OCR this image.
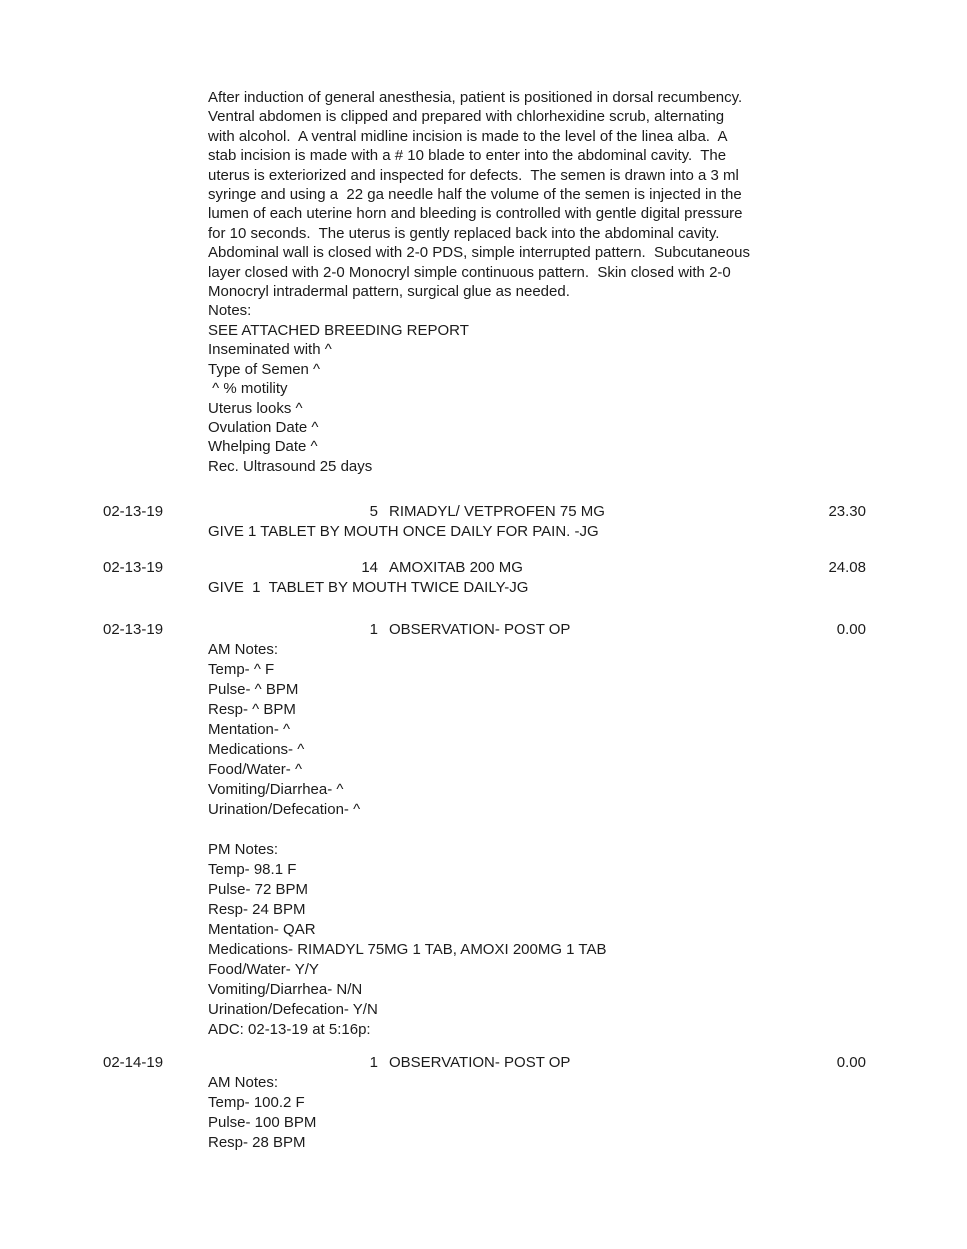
After induction of general anesthesia, patient is positioned in dorsal recumbency.
Ventral abdomen is clipped and prepared with chlorhexidine scrub, alternating
with alcohol.  A ventral midline incision is made to the level of the linea alba.  A
stab incision is made with a # 10 blade to enter into the abdominal cavity.  The
uterus is exteriorized and inspected for defects.  The semen is drawn into a 3 ml
syringe and using a  22 ga needle half the volume of the semen is injected in the
lumen of each uterine horn and bleeding is controlled with gentle digital pressure
for 10 seconds.  The uterus is gently replaced back into the abdominal cavity.
Abdominal wall is closed with 2-0 PDS, simple interrupted pattern.  Subcutaneous
layer closed with 2-0 Monocryl simple continuous pattern.  Skin closed with 2-0
Monocryl intradermal pattern, surgical glue as needed.
Notes:
SEE ATTACHED BREEDING REPORT
Inseminated with ^
Type of Semen ^
^ % motility
Uterus looks ^
Ovulation Date ^
Whelping Date ^
Rec. Ultrasound 25 days
02-13-19	5 RIMADYL/ VETPROFEN 75 MG	23.30
GIVE 1 TABLET BY MOUTH ONCE DAILY FOR PAIN. -JG
02-13-19	14 AMOXITAB 200 MG	24.08
GIVE  1  TABLET BY MOUTH TWICE DAILY-JG
02-13-19	1 OBSERVATION- POST OP	0.00
AM Notes:
Temp- ^ F
Pulse- ^ BPM
Resp- ^ BPM
Mentation- ^
Medications- ^
Food/Water- ^
Vomiting/Diarrhea- ^
Urination/Defecation- ^

PM Notes:
Temp- 98.1 F
Pulse- 72 BPM
Resp- 24 BPM
Mentation- QAR
Medications- RIMADYL 75MG 1 TAB, AMOXI 200MG 1 TAB
Food/Water- Y/Y
Vomiting/Diarrhea- N/N
Urination/Defecation- Y/N
ADC: 02-13-19 at 5:16p:
02-14-19	1 OBSERVATION- POST OP	0.00
AM Notes:
Temp- 100.2 F
Pulse- 100 BPM
Resp- 28 BPM
